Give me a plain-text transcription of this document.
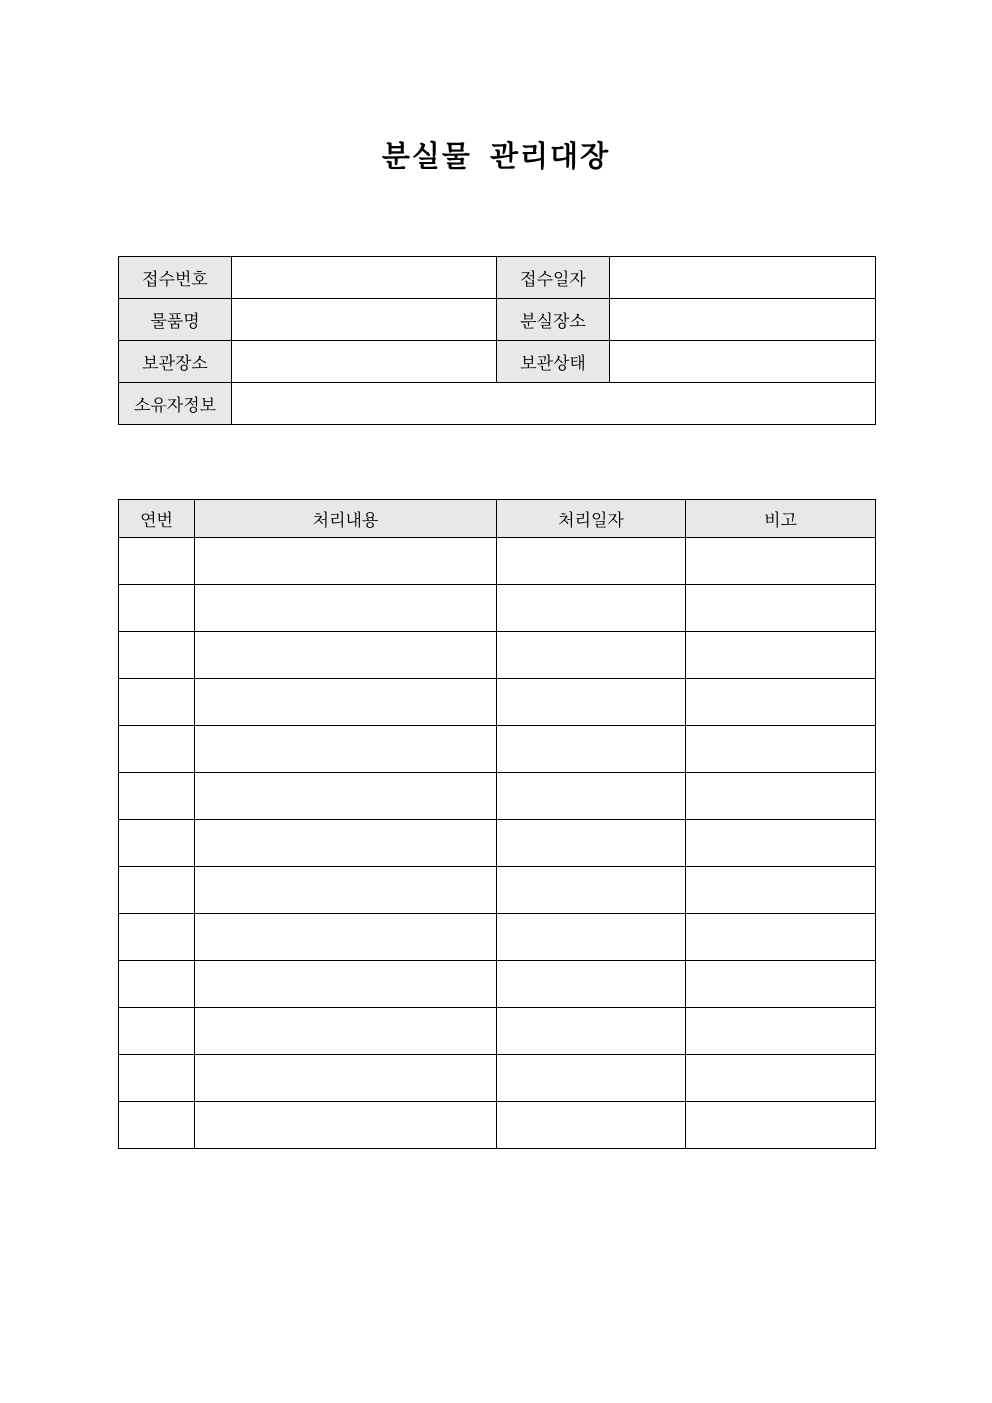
분실물 관리대장
접수번호		접수일자	
물품명		분실장소	
보관장소		보관상태	
소유자정보			
연번	처리내용	처리일자	비고
